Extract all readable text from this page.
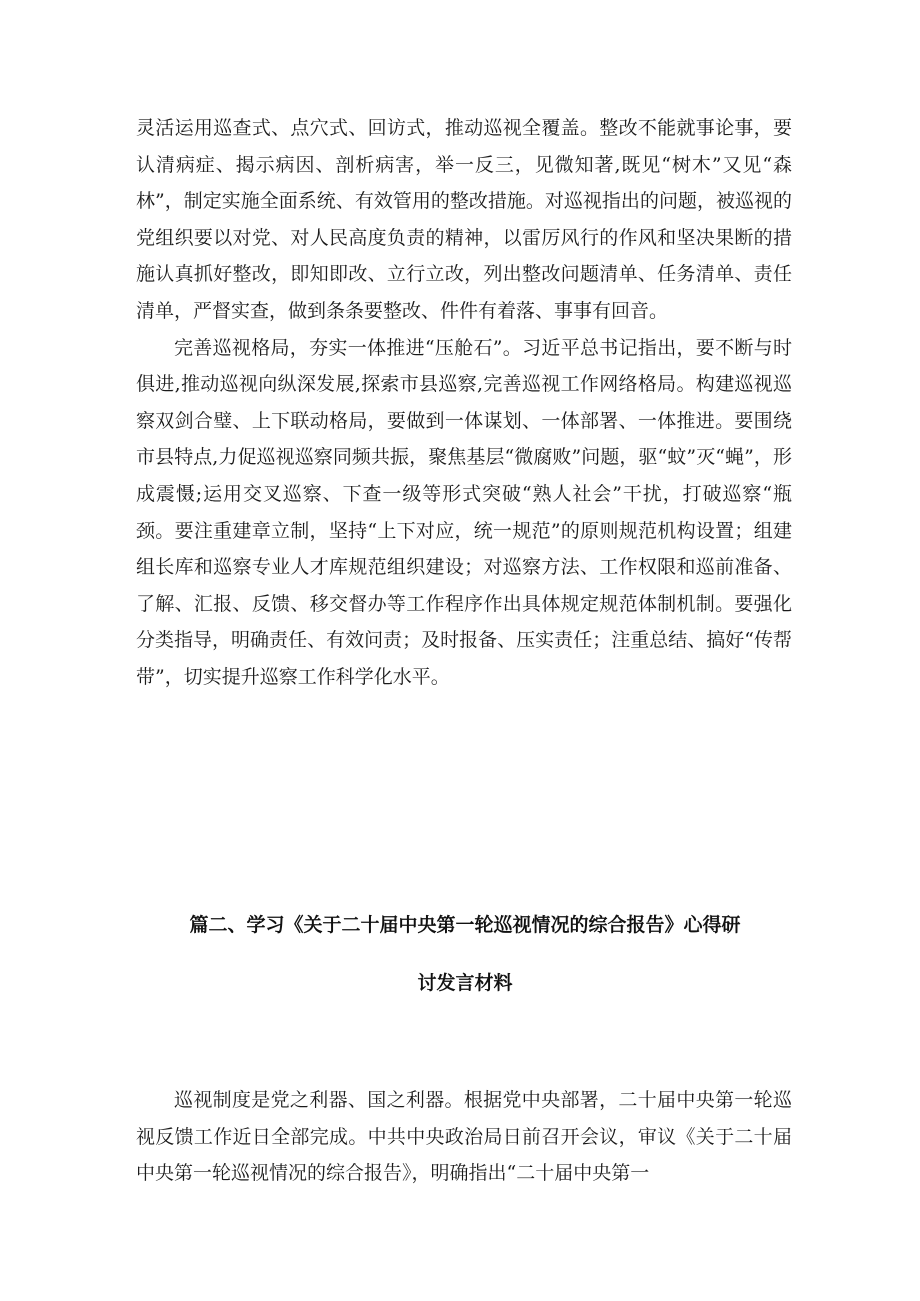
灵活运用巡查式、点穴式、回访式，推动巡视全覆盖。整改不能就事论事，要认清病症、揭示病因、剖析病害，举一反三，见微知著,既见“树木”又见“森林”，制定实施全面系统、有效管用的整改措施。对巡视指出的问题，被巡视的党组织要以对党、对人民高度负责的精神，以雷厉风行的作风和坚决果断的措施认真抓好整改，即知即改、立行立改，列出整改问题清单、任务清单、责任清单，严督实查，做到条条要整改、件件有着落、事事有回音。

完善巡视格局，夯实一体推进“压舱石”。习近平总书记指出，要不断与时俱进,推动巡视向纵深发展,探索市县巡察,完善巡视工作网络格局。构建巡视巡察双剑合璧、上下联动格局，要做到一体谋划、一体部署、一体推进。要围绕市县特点,力促巡视巡察同频共振，聚焦基层“微腐败”问题，驱“蚊”灭“蝇”，形成震慑;运用交叉巡察、下查一级等形式突破“熟人社会”干扰，打破巡察“瓶颈。要注重建章立制，坚持“上下对应，统一规范”的原则规范机构设置；组建组长库和巡察专业人才库规范组织建设；对巡察方法、工作权限和巡前准备、了解、汇报、反馈、移交督办等工作程序作出具体规定规范体制机制。要强化分类指导，明确责任、有效问责；及时报备、压实责任；注重总结、搞好“传帮带”，切实提升巡察工作科学化水平。

篇二、学习《关于二十届中央第一轮巡视情况的综合报告》心得研

讨发言材料

巡视制度是党之利器、国之利器。根据党中央部署，二十届中央第一轮巡视反馈工作近日全部完成。中共中央政治局日前召开会议，审议《关于二十届中央第一轮巡视情况的综合报告》，明确指出“二十届中央第一
